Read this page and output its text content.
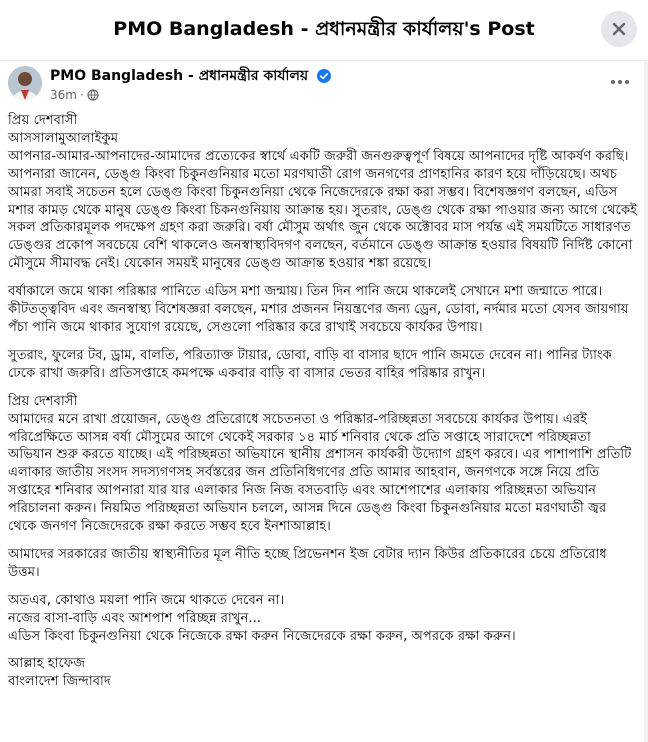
PMO Bangladesh - প্রধানমন্ত্রীর কার্যালয়'s Post
PMO Bangladesh - প্রধানমন্ত্রীর কার্যালয়
36m ·

প্রিয় দেশবাসী

আসসালামুআলাইকুম

আপনার-আমার-আপনাদের-আমাদের প্রত্যেকের স্বার্থে একটি জরুরী জনগুরুত্বপূর্ণ বিষয়ে আপনাদের দৃষ্টি আকর্ষণ করছি। আপনারা জানেন, ডেঙ্গু কিংবা চিকুনগুনিয়ার মতো মরণঘাতী রোগ জনগণের প্রাণহানির কারণ হয়ে দাঁড়িয়েছে। অথচ আমরা সবাই সচেতন হলে ডেঙ্গু কিংবা চিকুনগুনিয়া থেকে নিজেদেরকে রক্ষা করা সম্ভব। বিশেষজ্ঞগণ বলছেন, এডিস মশার কামড় থেকে মানুষ ডেঙ্গু কিংবা চিকনগুনিয়ায় আক্রান্ত হয়। সুতরাং, ডেঙ্গু থেকে রক্ষা পাওয়ার জন্য আগে থেকেই সকল প্রতিকারমূলক পদক্ষেপ গ্রহণ করা জরুরি। বর্ষা মৌসুম অর্থাৎ জুন থেকে অক্টোবর মাস পর্যন্ত এই সময়টিতে সাধারণত ডেঙ্গুর প্রকোপ সবচেয়ে বেশি থাকলেও জনস্বাস্থ্যবিদগণ বলছেন, বর্তমানে ডেঙ্গু আক্রান্ত হওয়ার বিষয়টি নির্দিষ্ট কোনো মৌসুমে সীমাবদ্ধ নেই। যেকোন সময়ই মানুষের ডেঙ্গু আক্রান্ত হওয়ার শঙ্কা রয়েছে।

বর্ষাকালে জমে থাকা পরিষ্কার পানিতে এডিস মশা জন্মায়। তিন দিন পানি জমে থাকলেই সেখানে মশা জন্মাতে পারে। কীটতত্ত্ববিদ এবং জনস্বাস্থ্য বিশেষজ্ঞরা বলছেন, মশার প্রজনন নিয়ন্ত্রণের জন্য ড্রেন, ডোবা, নর্দমার মতো যেসব জায়গায় পঁচা পানি জমে থাকার সুযোগ রয়েছে, সেগুলো পরিষ্কার করে রাখাই সবচেয়ে কার্যকর উপায়।

সুতরাং, ফুলের টব, ড্রাম, বালতি, পরিত্যাক্ত টায়ার, ডোবা, বাড়ি বা বাসার ছাদে পানি জমতে দেবেন না। পানির ট্যাংক ঢেকে রাখা জরুরি। প্রতিসপ্তাহে কমপক্ষে একবার বাড়ি বা বাসার ভেতর বাহির পরিষ্কার রাখুন।

প্রিয় দেশবাসী

আমাদের মনে রাখা প্রয়োজন, ডেঙ্গু প্রতিরোধে সচেতনতা ও পরিষ্কার-পরিচ্ছন্নতা সবচেয়ে কার্যকর উপায়। এরই পরিপ্রেক্ষিতে আসন্ন বর্ষা মৌসুমের আগে থেকেই সরকার ১৪ মার্চ শনিবার থেকে প্রতি সপ্তাহে সারাদেশে পরিচ্ছন্নতা অভিযান শুরু করতে যাচ্ছে। এই পরিচ্ছন্নতা অভিযানে স্থানীয় প্রশাসন কার্যকরী উদ্যোগ গ্রহণ করবে। এর পাশাপাশি প্রতিটি এলাকার জাতীয় সংসদ সদস্যগণসহ সর্বস্তরের জন প্রতিনিধিগণের প্রতি আমার আহবান, জনগণকে সঙ্গে নিয়ে প্রতি সপ্তাহের শনিবার আপনারা যার যার এলাকার নিজ নিজ বসতবাড়ি এবং আশেপাশের এলাকায় পরিচ্ছন্নতা অভিযান পরিচালনা করুন। নিয়মিত পরিচ্ছন্নতা অভিযান চললে, আসন্ন দিনে ডেঙ্গু কিংবা চিকুনগুনিয়ার মতো মরণঘাতী জ্বর থেকে জনগণ নিজেদেরকে রক্ষা করতে সম্ভব হবে ইনশাআল্লাহ।

আমাদের সরকারের জাতীয় স্বাস্থ্যনীতির মূল নীতি হচ্ছে প্রিভেনশন ইজ বেটার দ্যান কিউর প্রতিকারের চেয়ে প্রতিরোধ উত্তম।

অতএব, কোথাও ময়লা পানি জমে থাকতে দেবেন না।

নজের বাসা-বাড়ি এবং আশপাশ পরিচ্ছন্ন রাখুন...

এডিস কিংবা চিকুনগুনিয়া থেকে নিজেকে রক্ষা করুন নিজেদেরকে রক্ষা করুন, অপরকে রক্ষা করুন।

আল্লাহ হাফেজ

বাংলাদেশ জিন্দাবাদ
